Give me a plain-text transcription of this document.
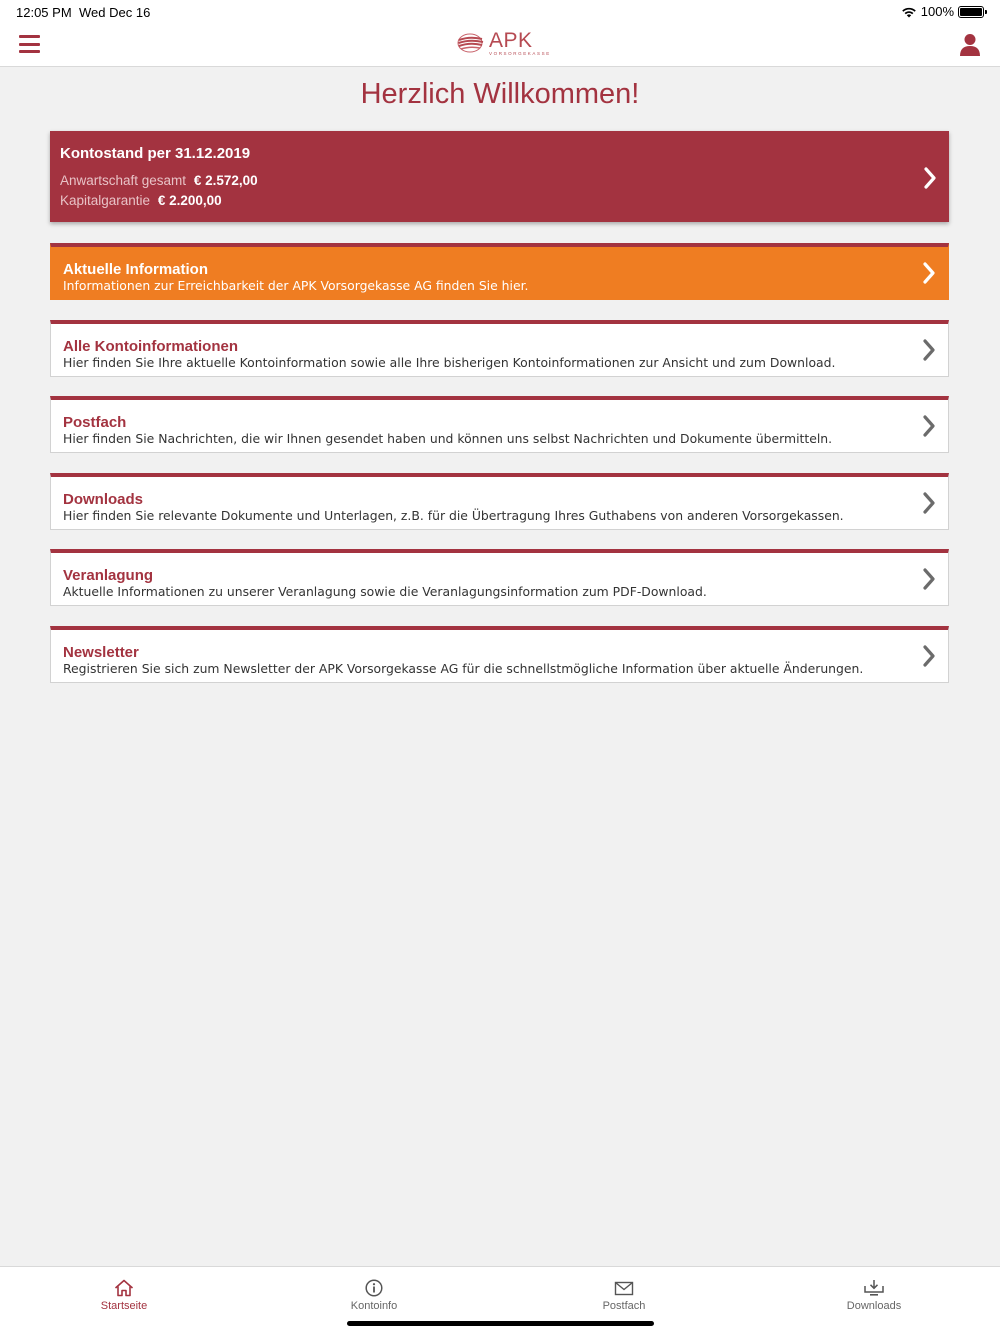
12:05 PM Wed Dec 16	100%
APK
VORSORGEKASSE
Herzlich Willkommen!
Kontostand per 31.12.2019
Anwartschaft gesamt € 2.572,00
Kapitalgarantie € 2.200,00
Aktuelle Information
Informationen zur Erreichbarkeit der APK Vorsorgekasse AG finden Sie hier.
Alle Kontoinformationen
Hier finden Sie Ihre aktuelle Kontoinformation sowie alle Ihre bisherigen Kontoinformationen zur Ansicht und zum Download.
Postfach
Hier finden Sie Nachrichten, die wir Ihnen gesendet haben und können uns selbst Nachrichten und Dokumente übermitteln.
Downloads
Hier finden Sie relevante Dokumente und Unterlagen, z.B. für die Übertragung Ihres Guthabens von anderen Vorsorgekassen.
Veranlagung
Aktuelle Informationen zu unserer Veranlagung sowie die Veranlagungsinformation zum PDF-Download.
Newsletter
Registrieren Sie sich zum Newsletter der APK Vorsorgekasse AG für die schnellstmögliche Information über aktuelle Änderungen.
Startseite	Kontoinfo	Postfach	Downloads
